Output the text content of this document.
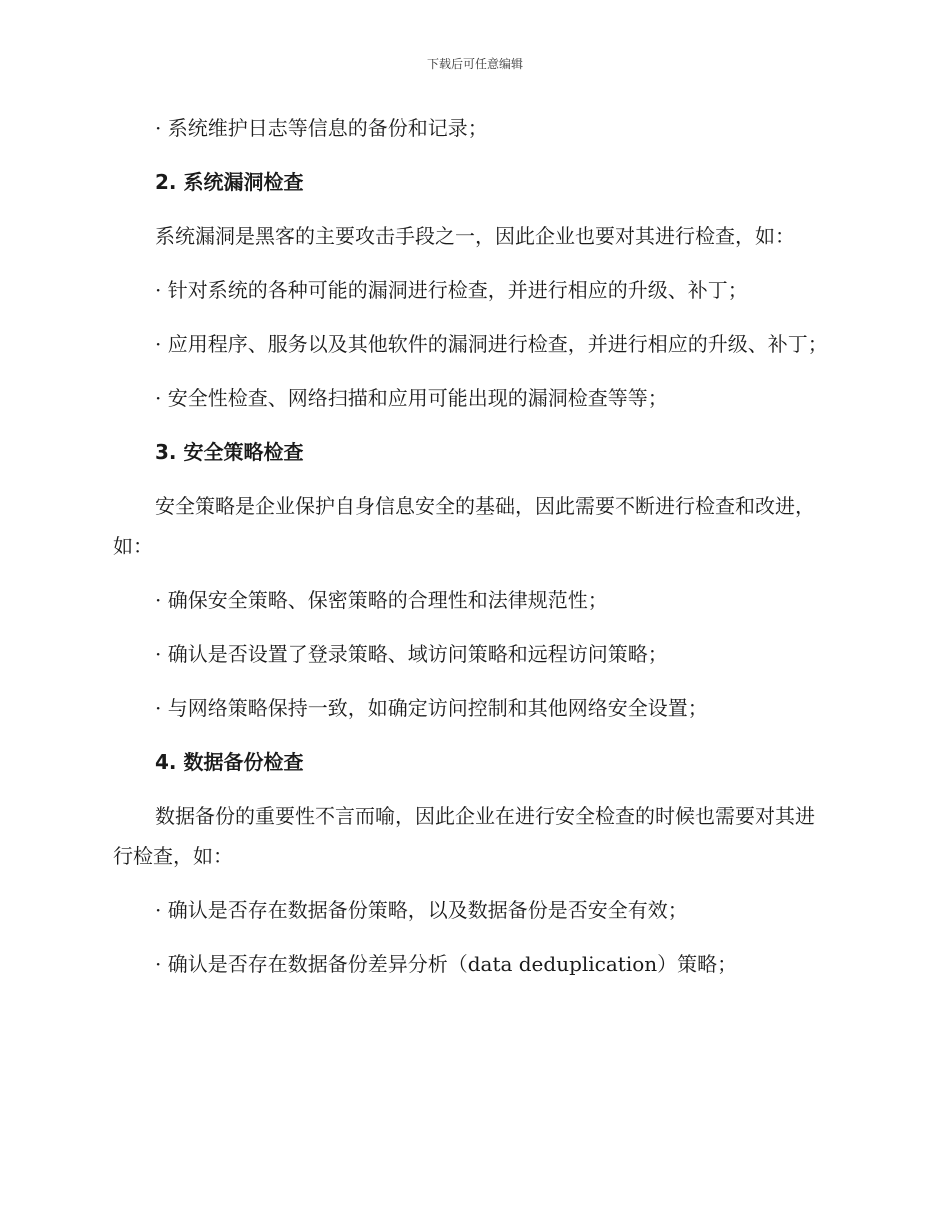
下载后可任意编辑

· 系统维护日志等信息的备份和记录；

2. 系统漏洞检查

系统漏洞是黑客的主要攻击手段之一，因此企业也要对其进行检查，如：

· 针对系统的各种可能的漏洞进行检查，并进行相应的升级、补丁；

· 应用程序、服务以及其他软件的漏洞进行检查，并进行相应的升级、补丁；

· 安全性检查、网络扫描和应用可能出现的漏洞检查等等；

3. 安全策略检查

安全策略是企业保护自身信息安全的基础，因此需要不断进行检查和改进，如：

· 确保安全策略、保密策略的合理性和法律规范性；

· 确认是否设置了登录策略、域访问策略和远程访问策略；

· 与网络策略保持一致，如确定访问控制和其他网络安全设置；

4. 数据备份检查

数据备份的重要性不言而喻，因此企业在进行安全检查的时候也需要对其进行检查，如：

· 确认是否存在数据备份策略，以及数据备份是否安全有效；

· 确认是否存在数据备份差异分析（data deduplication）策略；
